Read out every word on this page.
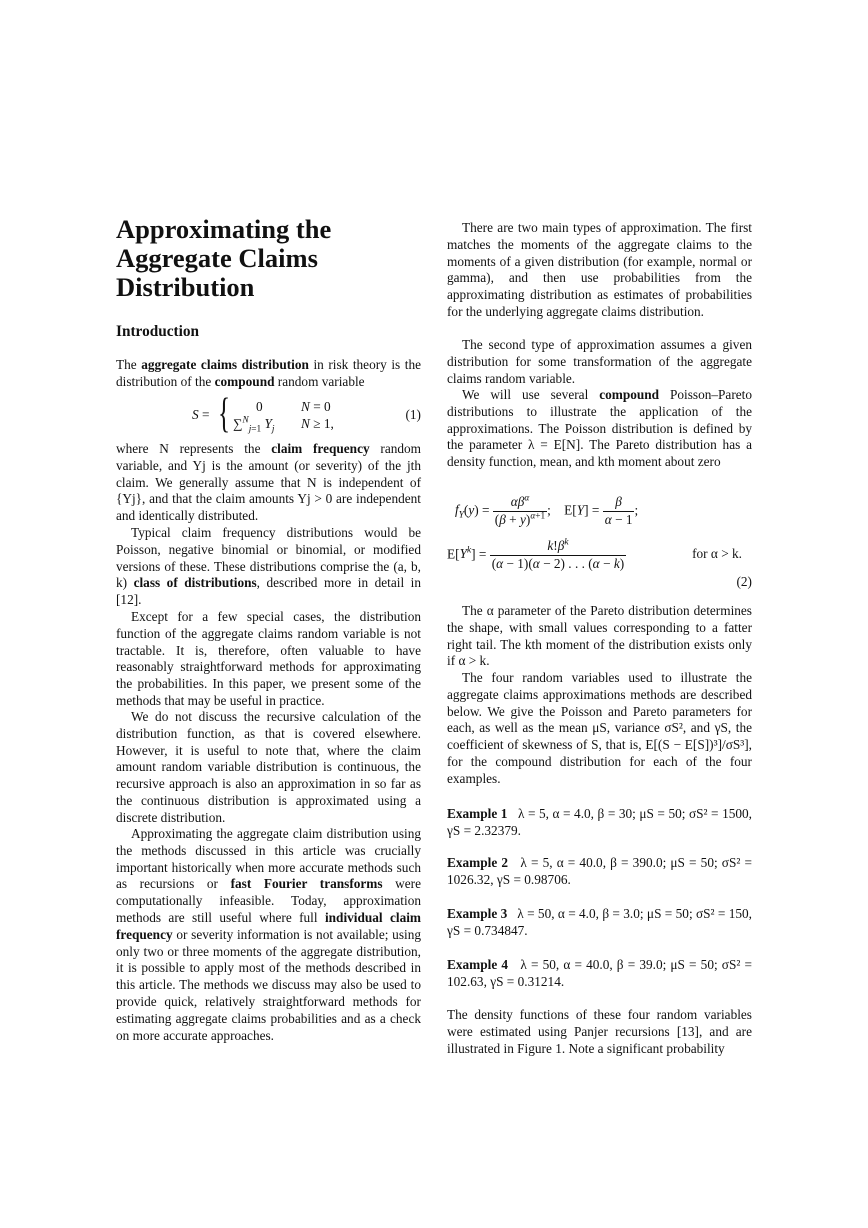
Approximating the Aggregate Claims Distribution
Introduction

The aggregate claims distribution in risk theory is the distribution of the compound random variable

S = { 0	N = 0
∑$^N_{j=1}$ $Y_j$ N ≥ 1,
(1)

where N represents the claim frequency random variable, and Yj is the amount (or severity) of the jth claim. We generally assume that N is independent of {Yj}, and that the claim amounts Yj > 0 are independent and identically distributed.

Typical claim frequency distributions would be Poisson, negative binomial or binomial, or modified versions of these. These distributions comprise the (a, b, k) class of distributions, described more in detail in [12].

Except for a few special cases, the distribution function of the aggregate claims random variable is not tractable. It is, therefore, often valuable to have reasonably straightforward methods for approximating the probabilities. In this paper, we present some of the methods that may be useful in practice.

We do not discuss the recursive calculation of the distribution function, as that is covered elsewhere. However, it is useful to note that, where the claim amount random variable distribution is continuous, the recursive approach is also an approximation in so far as the continuous distribution is approximated using a discrete distribution.

Approximating the aggregate claim distribution using the methods discussed in this article was crucially important historically when more accurate methods such as recursions or fast Fourier transforms were computationally infeasible. Today, approximation methods are still useful where full individual claim frequency or severity information is not available; using only two or three moments of the aggregate distribution, it is possible to apply most of the methods described in this article. The methods we discuss may also be used to provide quick, relatively straightforward methods for estimating aggregate claims probabilities and as a check on more accurate approaches.

There are two main types of approximation. The first matches the moments of the aggregate claims to the moments of a given distribution (for example, normal or gamma), and then use probabilities from the approximating distribution as estimates of probabilities for the underlying aggregate claims distribution.

The second type of approximation assumes a given distribution for some transformation of the aggregate claims random variable.

We will use several compound Poisson–Pareto distributions to illustrate the application of the approximations. The Poisson distribution is defined by the parameter λ = E[N]. The Pareto distribution has a density function, mean, and kth moment about zero

$f_Y(y) = \frac{\alpha\beta^\alpha}{(\beta + y)^{\alpha+1}}$ ;    $E[Y] = \frac{\beta}{\alpha - 1}$ ;
$E[Y^k] = \frac{k!\beta^k}{(\alpha - 1)(\alpha - 2) . . . (\alpha - k)}$	for α > k.
(2)

The α parameter of the Pareto distribution determines the shape, with small values corresponding to a fatter right tail. The kth moment of the distribution exists only if α > k.

The four random variables used to illustrate the aggregate claims approximations methods are described below. We give the Poisson and Pareto parameters for each, as well as the mean μS, variance σS², and γS, the coefficient of skewness of S, that is, E[(S − E[S])³]/σS³], for the compound distribution for each of the four examples.

Example 1 λ = 5, α = 4.0, β = 30; μS = 50; σS² = 1500, γS = 2.32379.

Example 2 λ = 5, α = 40.0, β = 390.0; μS = 50; σS² = 1026.32, γS = 0.98706.

Example 3 λ = 50, α = 4.0, β = 3.0; μS = 50; σS² = 150, γS = 0.734847.

Example 4 λ = 50, α = 40.0, β = 39.0; μS = 50; σS² = 102.63, γS = 0.31214.

The density functions of these four random variables were estimated using Panjer recursions [13], and are illustrated in Figure 1. Note a significant probability
